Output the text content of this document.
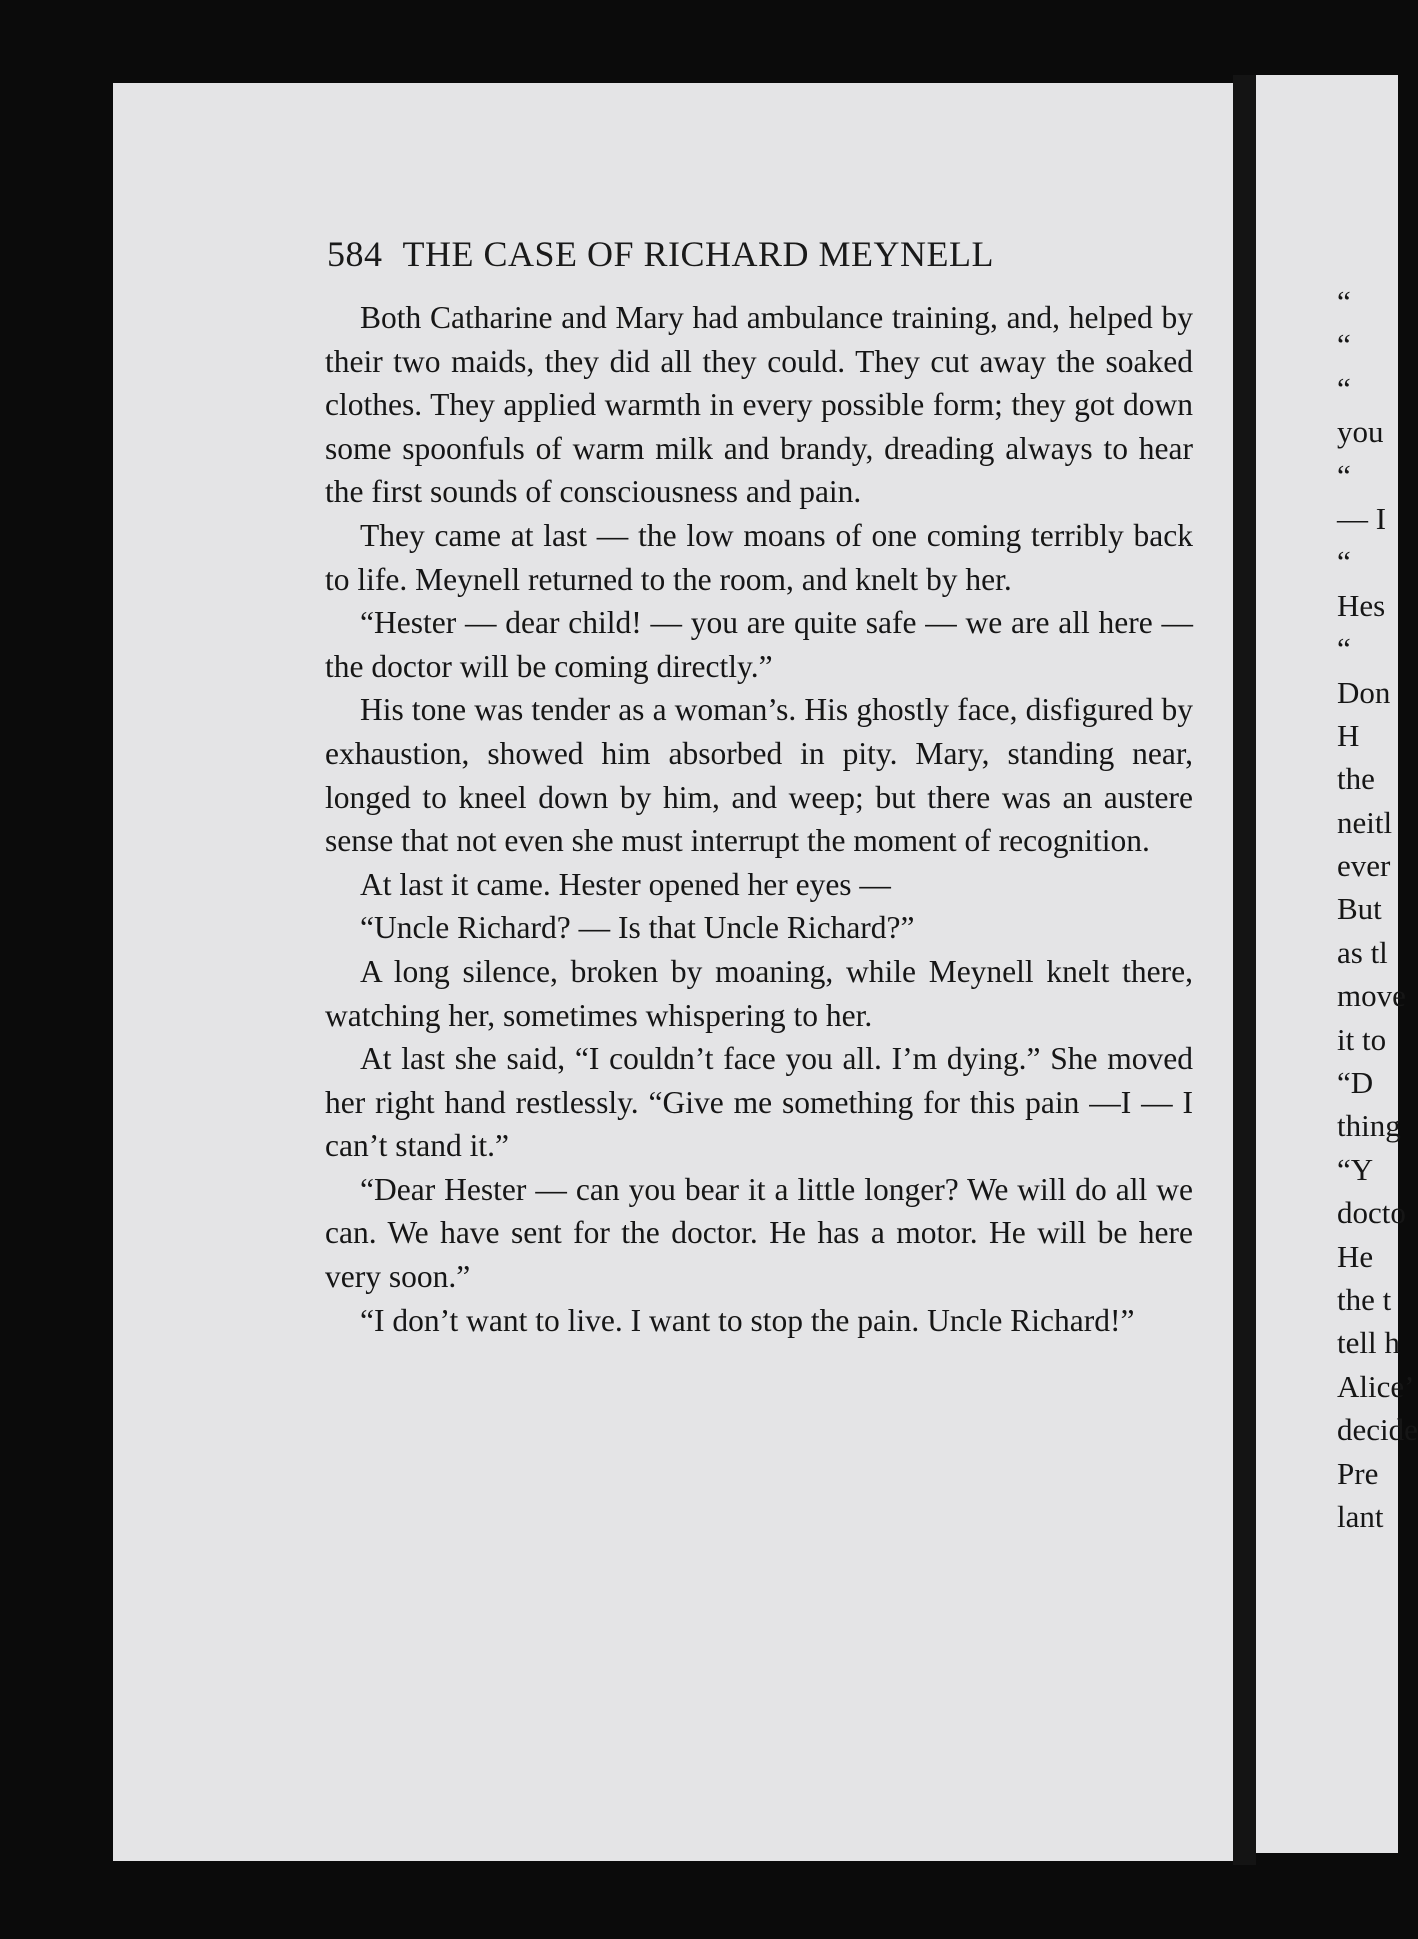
584 THE CASE OF RICHARD MEYNELL

Both Catharine and Mary had ambulance training, and, helped by their two maids, they did all they could. They cut away the soaked clothes. They applied warmth in every possible form; they got down some spoonfuls of warm milk and brandy, dreading always to hear the first sounds of consciousness and pain.

They came at last — the low moans of one coming terribly back to life. Meynell returned to the room, and knelt by her.

“Hester — dear child! — you are quite safe — we are all here — the doctor will be coming directly.”

His tone was tender as a woman’s. His ghostly face, disfigured by exhaustion, showed him absorbed in pity. Mary, standing near, longed to kneel down by him, and weep; but there was an austere sense that not even she must interrupt the moment of recognition.

At last it came. Hester opened her eyes —

“Uncle Richard? — Is that Uncle Richard?”

A long silence, broken by moaning, while Meynell knelt there, watching her, sometimes whispering to her.

At last she said, “I couldn’t face you all. I’m dying.” She moved her right hand restlessly. “Give me something for this pain —I — I can’t stand it.”

“Dear Hester — can you bear it a little longer? We will do all we can. We have sent for the doctor. He has a motor. He will be here very soon.”

“I don’t want to live. I want to stop the pain. Uncle Richard!”

“
“
“
you
“
— I
“
Hes
“
Don
H
the
neitl
ever
But
as tl
move
it to
“D
thing
“Y
docto
He
the t
tell h
Alice’
decide
Pre
lant
